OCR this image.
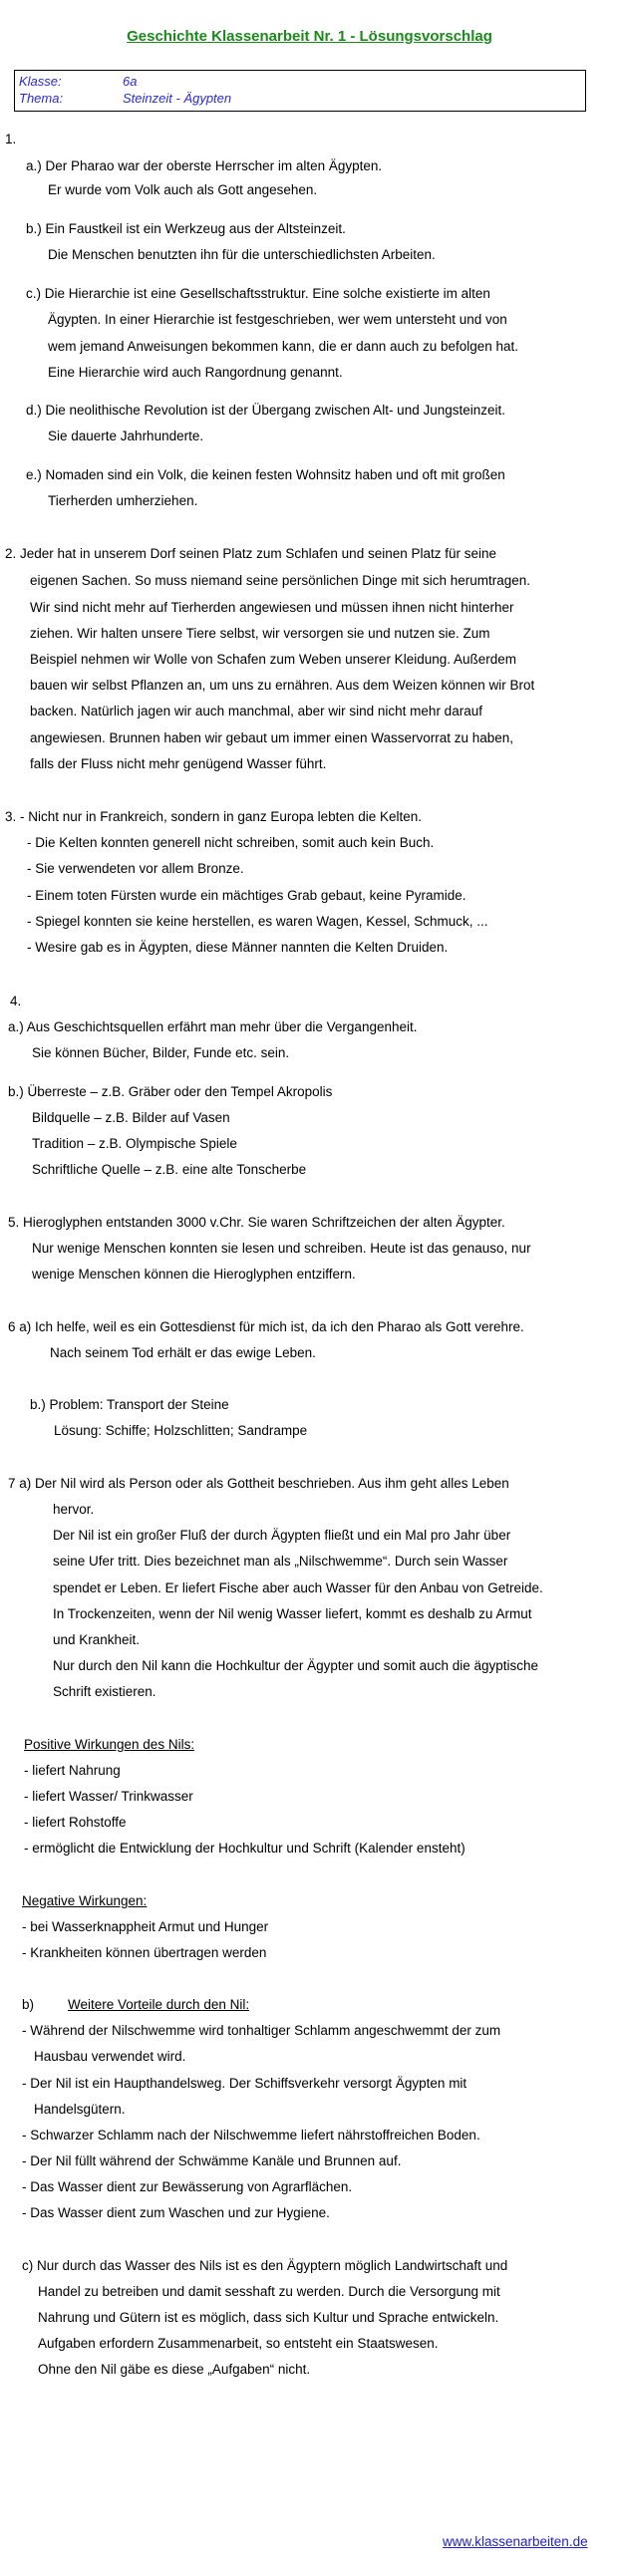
Geschichte Klassenarbeit Nr. 1 - Lösungsvorschlag
Klasse:	6a
Thema:	Steinzeit - Ägypten
1.
a.) Der Pharao war der oberste Herrscher im alten Ägypten.
Er wurde vom Volk auch als Gott angesehen.
b.) Ein Faustkeil ist ein Werkzeug aus der Altsteinzeit.
Die Menschen benutzten ihn für die unterschiedlichsten Arbeiten.
c.) Die Hierarchie ist eine Gesellschaftsstruktur. Eine solche existierte im alten
Ägypten. In einer Hierarchie ist festgeschrieben, wer wem untersteht und von
wem jemand Anweisungen bekommen kann, die er dann auch zu befolgen hat.
Eine Hierarchie wird auch Rangordnung genannt.
d.) Die neolithische Revolution ist der Übergang zwischen Alt- und Jungsteinzeit.
Sie dauerte Jahrhunderte.
e.) Nomaden sind ein Volk, die keinen festen Wohnsitz haben und oft mit großen
Tierherden umherziehen.
2. Jeder hat in unserem Dorf seinen Platz zum Schlafen und seinen Platz für seine
eigenen Sachen. So muss niemand seine persönlichen Dinge mit sich herumtragen.
Wir sind nicht mehr auf Tierherden angewiesen und müssen ihnen nicht hinterher
ziehen. Wir halten unsere Tiere selbst, wir versorgen sie und nutzen sie. Zum
Beispiel nehmen wir Wolle von Schafen zum Weben unserer Kleidung. Außerdem
bauen wir selbst Pflanzen an, um uns zu ernähren. Aus dem Weizen können wir Brot
backen. Natürlich jagen wir auch manchmal, aber wir sind nicht mehr darauf
angewiesen. Brunnen haben wir gebaut um immer einen Wasservorrat zu haben,
falls der Fluss nicht mehr genügend Wasser führt.
3. - Nicht nur in Frankreich, sondern in ganz Europa lebten die Kelten.
- Die Kelten konnten generell nicht schreiben, somit auch kein Buch.
- Sie verwendeten vor allem Bronze.
- Einem toten Fürsten wurde ein mächtiges Grab gebaut, keine Pyramide.
- Spiegel konnten sie keine herstellen, es waren Wagen, Kessel, Schmuck, ...
- Wesire gab es in Ägypten, diese Männer nannten die Kelten Druiden.
4.
a.) Aus Geschichtsquellen erfährt man mehr über die Vergangenheit.
Sie können Bücher, Bilder, Funde etc. sein.
b.) Überreste – z.B. Gräber oder den Tempel Akropolis
Bildquelle – z.B. Bilder auf Vasen
Tradition – z.B. Olympische Spiele
Schriftliche Quelle – z.B. eine alte Tonscherbe
5. Hieroglyphen entstanden 3000 v.Chr. Sie waren Schriftzeichen der alten Ägypter.
Nur wenige Menschen konnten sie lesen und schreiben. Heute ist das genauso, nur
wenige Menschen können die Hieroglyphen entziffern.
6 a) Ich helfe, weil es ein Gottesdienst für mich ist, da ich den Pharao als Gott verehre.
Nach seinem Tod erhält er das ewige Leben.
b.) Problem: Transport der Steine
Lösung: Schiffe; Holzschlitten; Sandrampe
7 a) Der Nil wird als Person oder als Gottheit beschrieben. Aus ihm geht alles Leben
hervor.
Der Nil ist ein großer Fluß der durch Ägypten fließt und ein Mal pro Jahr über
seine Ufer tritt. Dies bezeichnet man als „Nilschwemme“. Durch sein Wasser
spendet er Leben. Er liefert Fische aber auch Wasser für den Anbau von Getreide.
In Trockenzeiten, wenn der Nil wenig Wasser liefert, kommt es deshalb zu Armut
und Krankheit.
Nur durch den Nil kann die Hochkultur der Ägypter und somit auch die ägyptische
Schrift existieren.
Positive Wirkungen des Nils:
- liefert Nahrung
- liefert Wasser/ Trinkwasser
- liefert Rohstoffe
- ermöglicht die Entwicklung der Hochkultur und Schrift (Kalender ensteht)
Negative Wirkungen:
- bei Wasserknappheit Armut und Hunger
- Krankheiten können übertragen werden
b)	Weitere Vorteile durch den Nil:
- Während der Nilschwemme wird tonhaltiger Schlamm angeschwemmt der zum
Hausbau verwendet wird.
- Der Nil ist ein Haupthandelsweg. Der Schiffsverkehr versorgt Ägypten mit
Handelsgütern.
- Schwarzer Schlamm nach der Nilschwemme liefert nährstoffreichen Boden.
- Der Nil füllt während der Schwämme Kanäle und Brunnen auf.
- Das Wasser dient zur Bewässerung von Agrarflächen.
- Das Wasser dient zum Waschen und zur Hygiene.
c) Nur durch das Wasser des Nils ist es den Ägyptern möglich Landwirtschaft und
Handel zu betreiben und damit sesshaft zu werden. Durch die Versorgung mit
Nahrung und Gütern ist es möglich, dass sich Kultur und Sprache entwickeln.
Aufgaben erfordern Zusammenarbeit, so entsteht ein Staatswesen.
Ohne den Nil gäbe es diese „Aufgaben“ nicht.
www.klassenarbeiten.de
